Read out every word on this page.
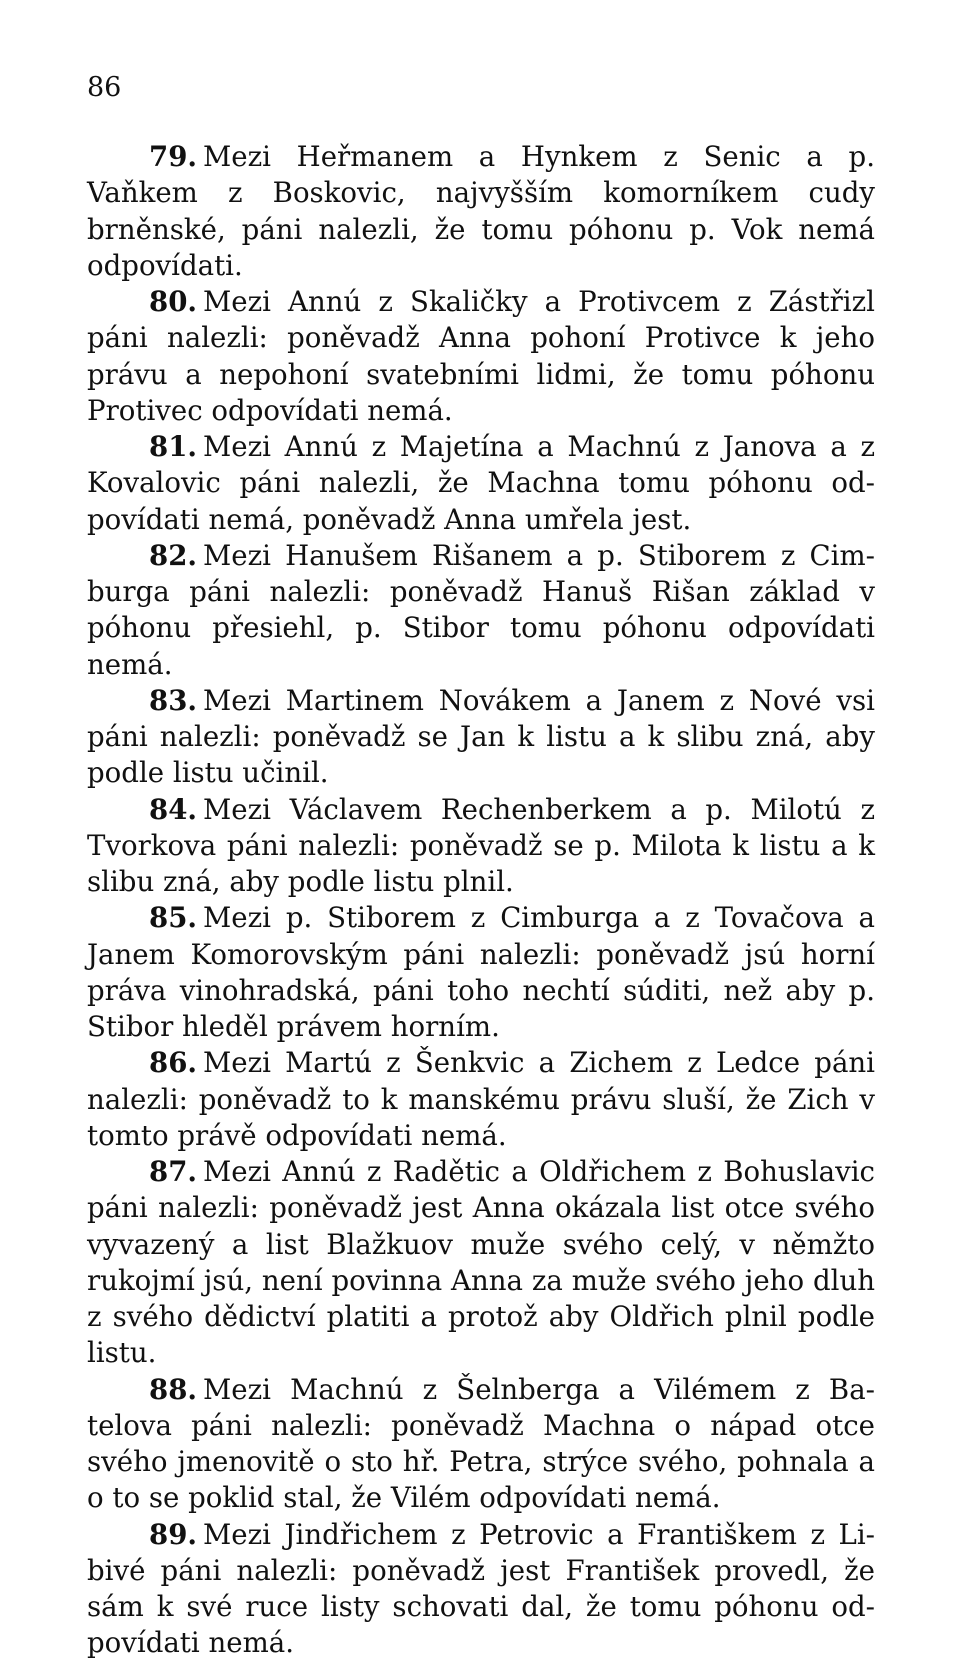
86

79. Mezi Heřmanem a Hynkem z Senic a p. Vaňkem z Boskovic, najvyšším komorníkem cudy brněnské, páni nalezli, že tomu póhonu p. Vok nemá odpovídati.

80. Mezi Annú z Skaličky a Protivcem z Zástřizl páni nalezli: poněvadž Anna pohoní Protivce k jeho právu a nepohoní svatebními lidmi, že tomu póhonu Protivec odpovídati nemá.

81. Mezi Annú z Majetína a Machnú z Janova a z Kovalovic páni nalezli, že Machna tomu póhonu odpovídati nemá, poněvadž Anna umřela jest.

82. Mezi Hanušem Rišanem a p. Stiborem z Cimburga páni nalezli: poněvadž Hanuš Rišan základ v póhonu přesiehl, p. Stibor tomu póhonu odpovídati nemá.

83. Mezi Martinem Novákem a Janem z Nové vsi páni nalezli: poněvadž se Jan k listu a k slibu zná, aby podle listu učinil.

84. Mezi Václavem Rechenberkem a p. Milotú z Tvorkova páni nalezli: poněvadž se p. Milota k listu a k slibu zná, aby podle listu plnil.

85. Mezi p. Stiborem z Cimburga a z Tovačova a Janem Komorovským páni nalezli: poněvadž jsú horní práva vinohradská, páni toho nechtí súditi, než aby p. Stibor hleděl právem horním.

86. Mezi Martú z Šenkvic a Zichem z Ledce páni nalezli: poněvadž to k manskému právu sluší, že Zich v tomto právě odpovídati nemá.

87. Mezi Annú z Radětic a Oldřichem z Bohuslavic páni nalezli: poněvadž jest Anna okázala list otce svého vyvazený a list Blažkuov muže svého celý, v němžto rukojmí jsú, není povinna Anna za muže svého jeho dluh z svého dědictví platiti a protož aby Oldřich plnil podle listu.

88. Mezi Machnú z Šelnberga a Vilémem z Batelova páni nalezli: poněvadž Machna o nápad otce svého jmenovitě o sto hř. Petra, strýce svého, pohnala a o to se poklid stal, že Vilém odpovídati nemá.

89. Mezi Jindřichem z Petrovic a Františkem z Libivé páni nalezli: poněvadž jest František provedl, že sám k své ruce listy schovati dal, že tomu póhonu odpovídati nemá.
